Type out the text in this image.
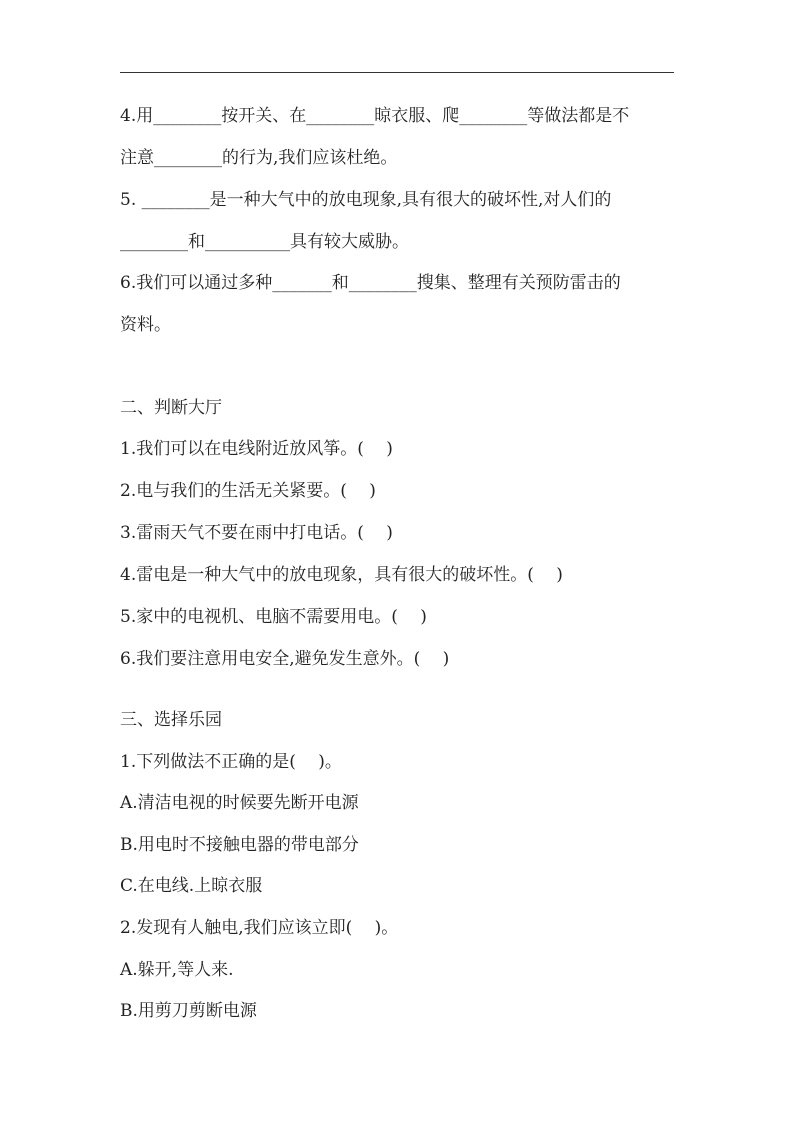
4.用________按开关、在________晾衣服、爬________等做法都是不
注意________的行为,我们应该杜绝。
5. ________是一种大气中的放电现象,具有很大的破坏性,对人们的
________和__________具有较大威胁。
6.我们可以通过多种_______和________搜集、整理有关预防雷击的
资料。
二、判断大厅
1.我们可以在电线附近放风筝。(　 )
2.电与我们的生活无关紧要。(　 )
3.雷雨天气不要在雨中打电话。(　 )
4.雷电是一种大气中的放电现象，具有很大的破坏性。(　 )
5.家中的电视机、电脑不需要用电。(　 )
6.我们要注意用电安全,避免发生意外。(　 )
三、选择乐园
1.下列做法不正确的是(　 )。
A.清洁电视的时候要先断开电源
B.用电时不接触电器的带电部分
C.在电线.上晾衣服
2.发现有人触电,我们应该立即(　 )。
A.躲开,等人来.
B.用剪刀剪断电源
